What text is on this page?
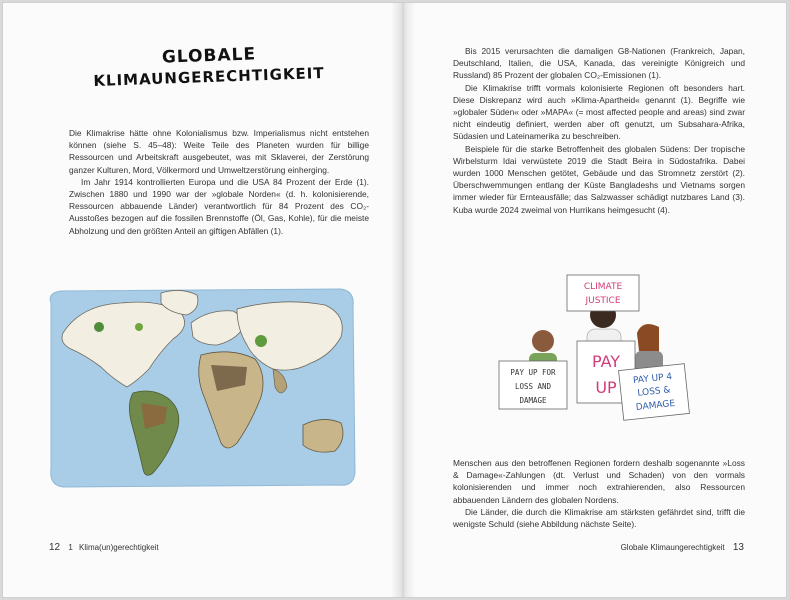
GLOBALE
KLIMAUNGERECHTIGKEIT

Die Klimakrise hätte ohne Kolonialismus bzw. Imperialismus nicht entstehen können (siehe S. 45–48): Weite Teile des Planeten wurden für billige Ressourcen und Arbeitskraft ausgebeutet, was mit Sklaverei, der Zerstörung ganzer Kulturen, Mord, Völkermord und Umweltzerstörung einherging.

Im Jahr 1914 kontrollierten Europa und die USA 84 Prozent der Erde (1). Zwischen 1880 und 1990 war der »globale Norden« (d. h. kolonisierende, Ressourcen abbauende Länder) verantwortlich für 84 Prozent des CO₂-Ausstoßes bezogen auf die fossilen Brennstoffe (Öl, Gas, Kohle), für die meiste Abholzung und den größten Anteil an giftigen Abfällen (1).

12 1 Klima(un)gerechtigkeit

Bis 2015 verursachten die damaligen G8-Nationen (Frankreich, Japan, Deutschland, Italien, die USA, Kanada, das vereinigte Königreich und Russland) 85 Prozent der globalen CO₂-Emissionen (1).

Die Klimakrise trifft vormals kolonisierte Regionen oft besonders hart. Diese Diskrepanz wird auch »Klima-Apartheid« genannt (1). Begriffe wie »globaler Süden« oder »MAPA« (= most affected people and areas) sind zwar nicht eindeutig definiert, werden aber oft genutzt, um Subsahara-Afrika, Südasien und Lateinamerika zu beschreiben.

Beispiele für die starke Betroffenheit des globalen Südens: Der tropische Wirbelsturm Idai verwüstete 2019 die Stadt Beira in Südostafrika. Dabei wurden 1000 Menschen getötet, Gebäude und das Stromnetz zerstört (2). Überschwemmungen entlang der Küste Bangladeshs und Vietnams sorgen immer wieder für Ernteausfälle; das Salzwasser schädigt nutzbares Land (3). Kuba wurde 2024 zweimal von Hurrikans heimgesucht (4).

CLIMATE
JUSTICE
PAY UP FOR
LOSS AND
DAMAGE
PAY
UP PAY UP 4
LOSS &
DAMAGE

Menschen aus den betroffenen Regionen fordern deshalb sogenannte »Loss & Damage«-Zahlungen (dt. Verlust und Schaden) von den vormals kolonisierenden und immer noch extrahierenden, also Ressourcen abbauenden Ländern des globalen Nordens.

Die Länder, die durch die Klimakrise am stärksten gefährdet sind, trifft die wenigste Schuld (siehe Abbildung nächste Seite).

Globale Klimaungerechtigkeit 13
